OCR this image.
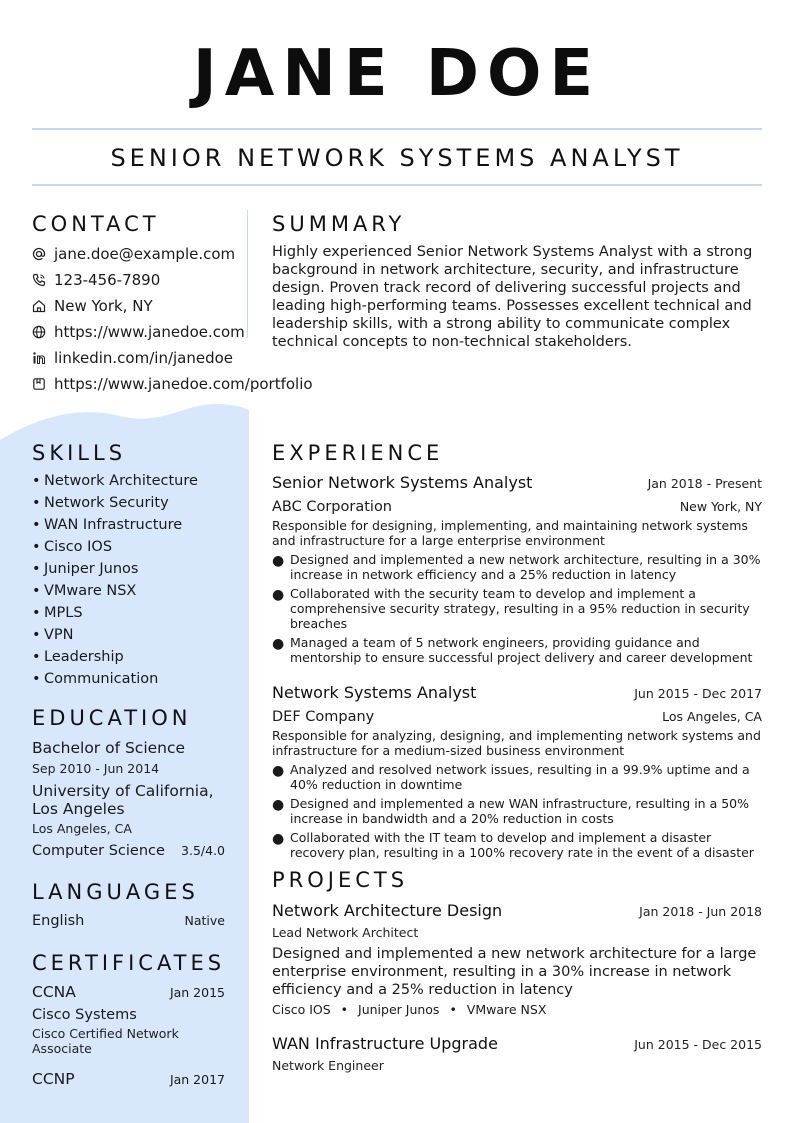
JANE DOE
SENIOR NETWORK SYSTEMS ANALYST
CONTACT
jane.doe@example.com
123-456-7890
New York, NY
https://www.janedoe.com
linkedin.com/in/janedoe
https://www.janedoe.com/portfolio
SUMMARY
Highly experienced Senior Network Systems Analyst with a strong background in network architecture, security, and infrastructure design. Proven track record of delivering successful projects and leading high-performing teams. Possesses excellent technical and leadership skills, with a strong ability to communicate complex technical concepts to non-technical stakeholders.
SKILLS
• Network Architecture
• Network Security
• WAN Infrastructure
• Cisco IOS
• Juniper Junos
• VMware NSX
• MPLS
• VPN
• Leadership
• Communication
EDUCATION
Bachelor of Science
Sep 2010 - Jun 2014
University of California, Los Angeles
Los Angeles, CA
Computer Science 3.5/4.0
LANGUAGES
English	Native
CERTIFICATES
CCNA	Jan 2015
Cisco Systems
Cisco Certified Network Associate
CCNP	Jan 2017
EXPERIENCE
Senior Network Systems Analyst	Jan 2018 - Present
ABC Corporation	New York, NY
Responsible for designing, implementing, and maintaining network systems and infrastructure for a large enterprise environment
● Designed and implemented a new network architecture, resulting in a 30% increase in network efficiency and a 25% reduction in latency
● Collaborated with the security team to develop and implement a comprehensive security strategy, resulting in a 95% reduction in security breaches
● Managed a team of 5 network engineers, providing guidance and mentorship to ensure successful project delivery and career development
Network Systems Analyst	Jun 2015 - Dec 2017
DEF Company	Los Angeles, CA
Responsible for analyzing, designing, and implementing network systems and infrastructure for a medium-sized business environment
● Analyzed and resolved network issues, resulting in a 99.9% uptime and a 40% reduction in downtime
● Designed and implemented a new WAN infrastructure, resulting in a 50% increase in bandwidth and a 20% reduction in costs
● Collaborated with the IT team to develop and implement a disaster recovery plan, resulting in a 100% recovery rate in the event of a disaster
PROJECTS
Network Architecture Design	Jan 2018 - Jun 2018
Lead Network Architect
Designed and implemented a new network architecture for a large enterprise environment, resulting in a 30% increase in network efficiency and a 25% reduction in latency
Cisco IOS • Juniper Junos • VMware NSX
WAN Infrastructure Upgrade	Jun 2015 - Dec 2015
Network Engineer
